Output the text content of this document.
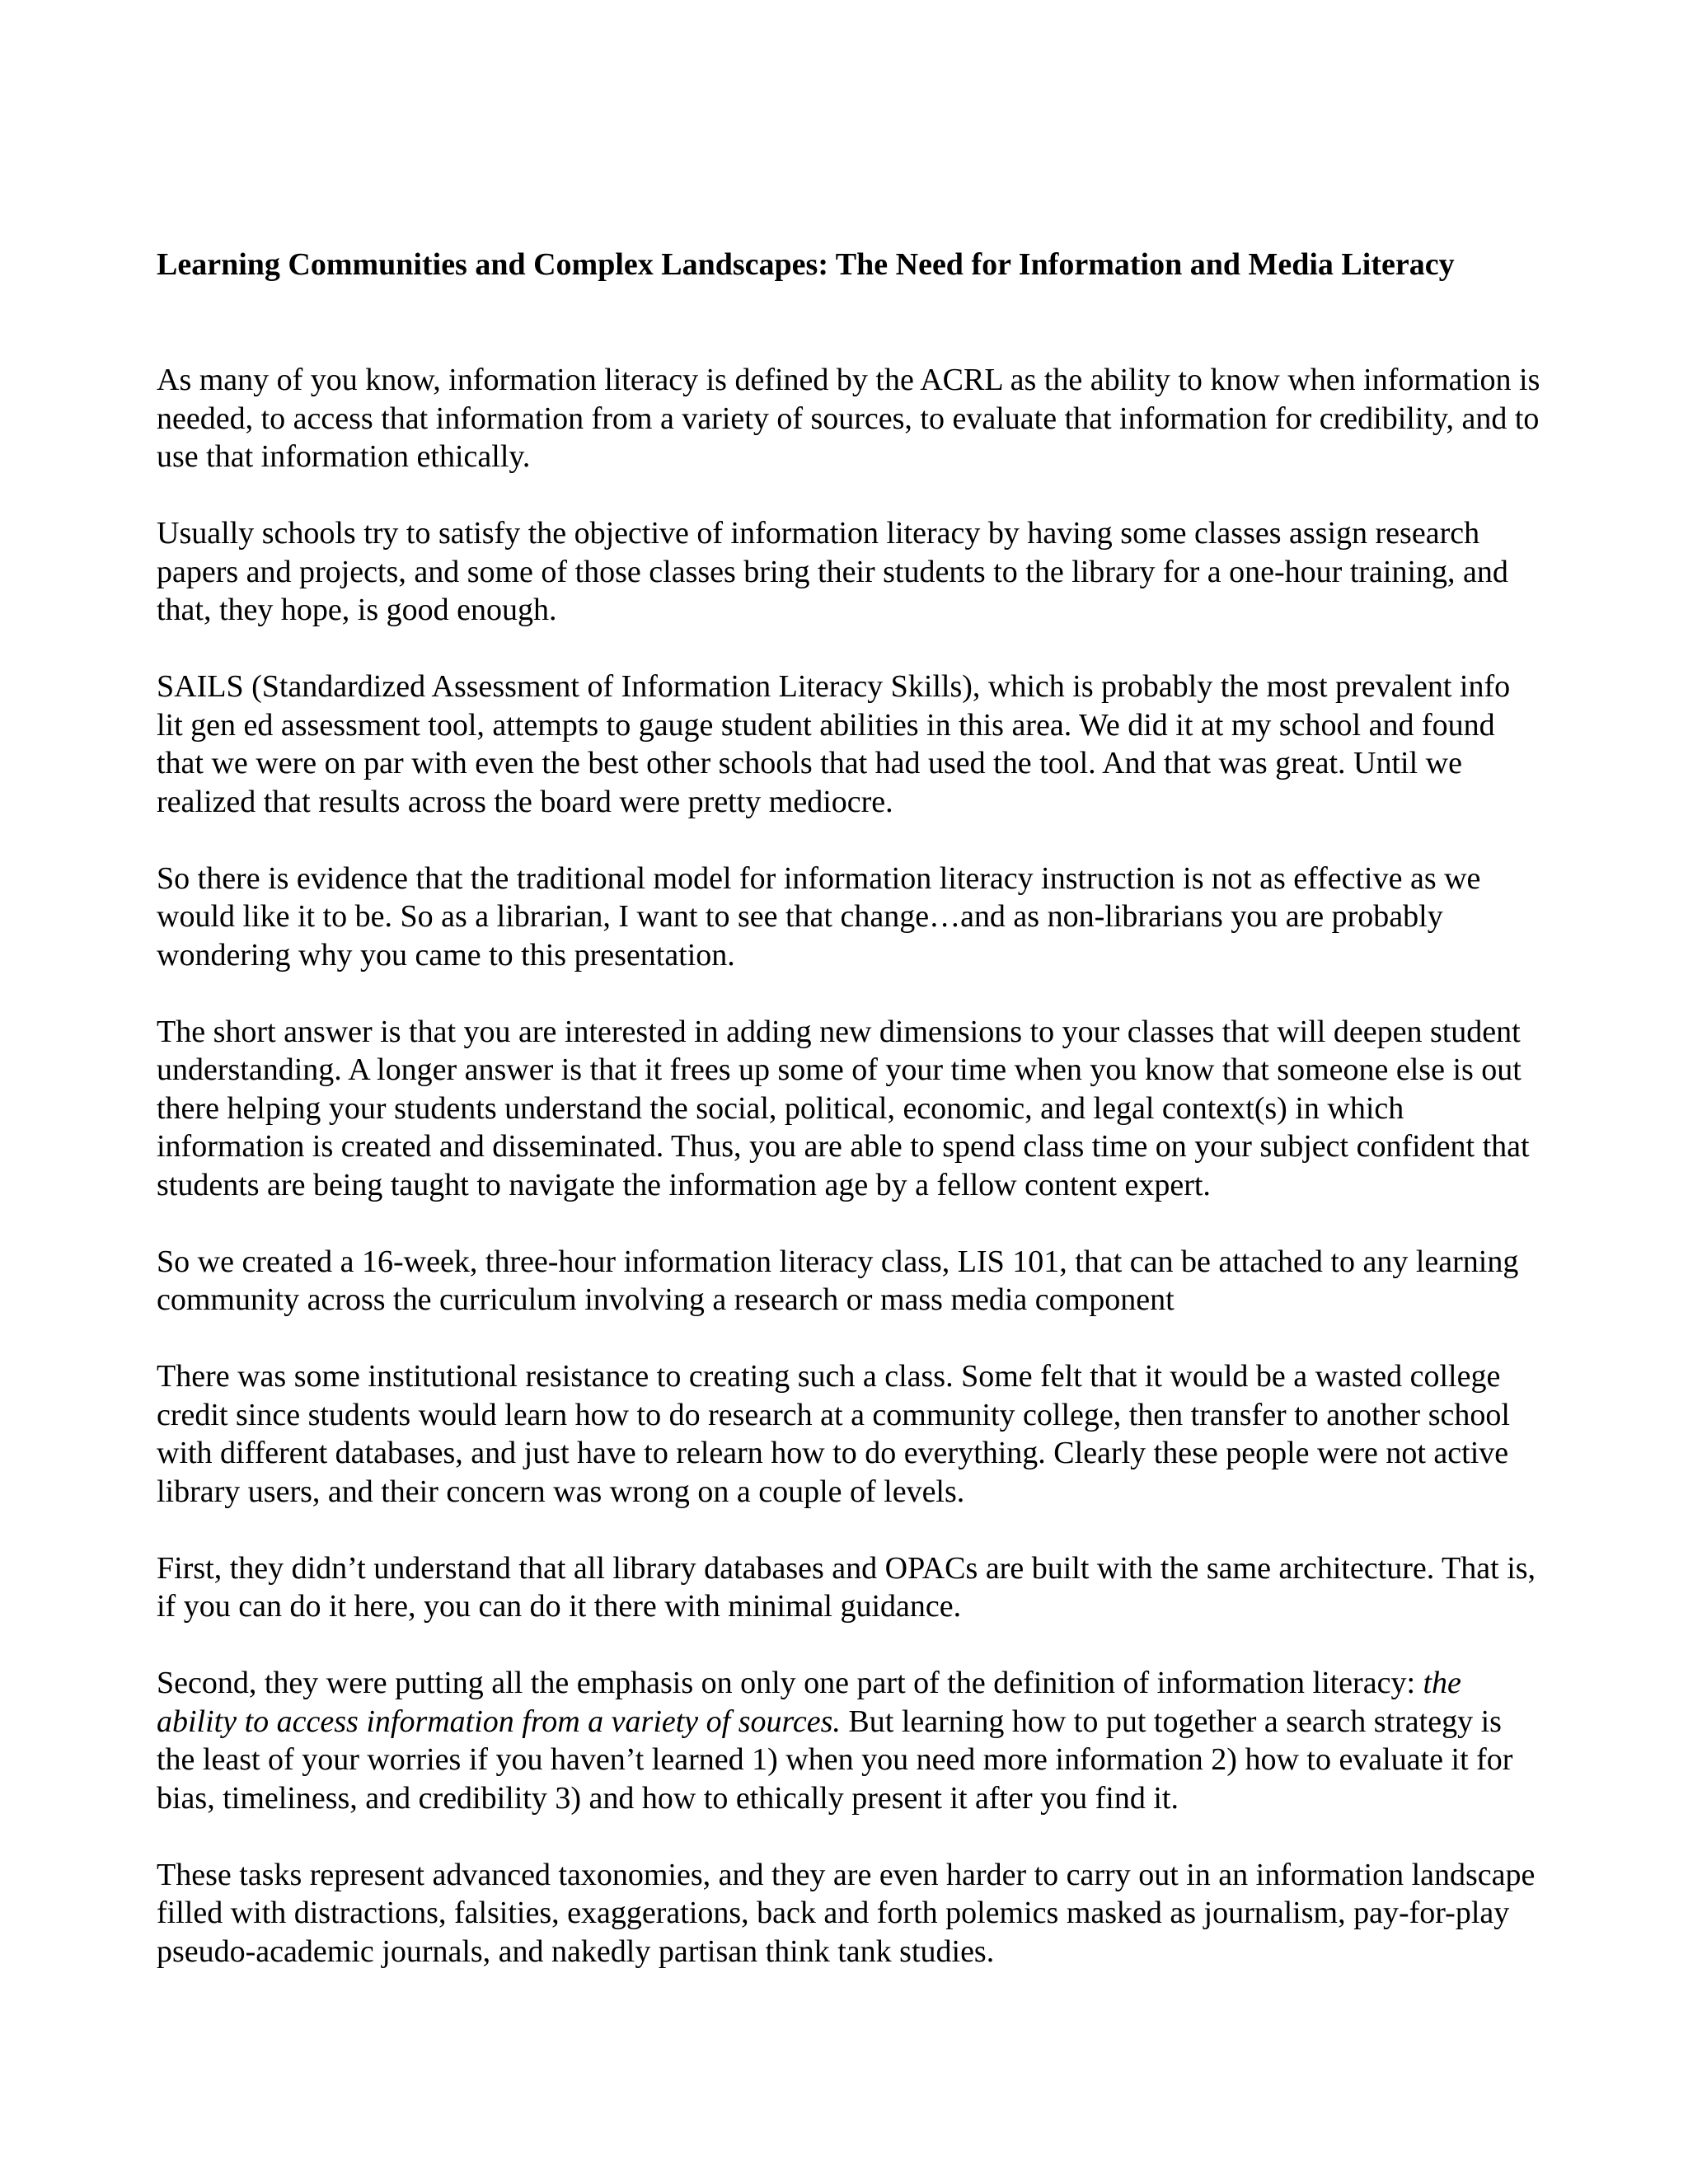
Learning Communities and Complex Landscapes: The Need for Information and Media Literacy
As many of you know, information literacy is defined by the ACRL as the ability to know when information is needed, to access that information from a variety of sources, to evaluate that information for credibility, and to use that information ethically.
Usually schools try to satisfy the objective of information literacy by having some classes assign research papers and projects, and some of those classes bring their students to the library for a one-hour training, and that, they hope, is good enough.
SAILS (Standardized Assessment of Information Literacy Skills), which is probably the most prevalent info lit gen ed assessment tool, attempts to gauge student abilities in this area. We did it at my school and found that we were on par with even the best other schools that had used the tool. And that was great. Until we realized that results across the board were pretty mediocre.
So there is evidence that the traditional model for information literacy instruction is not as effective as we would like it to be. So as a librarian, I want to see that change…and as non-librarians you are probably wondering why you came to this presentation.
The short answer is that you are interested in adding new dimensions to your classes that will deepen student understanding. A longer answer is that it frees up some of your time when you know that someone else is out there helping your students understand the social, political, economic, and legal context(s) in which information is created and disseminated. Thus, you are able to spend class time on your subject confident that students are being taught to navigate the information age by a fellow content expert.
So we created a 16-week, three-hour information literacy class, LIS 101, that can be attached to any learning community across the curriculum involving a research or mass media component
There was some institutional resistance to creating such a class. Some felt that it would be a wasted college credit since students would learn how to do research at a community college, then transfer to another school with different databases, and just have to relearn how to do everything. Clearly these people were not active library users, and their concern was wrong on a couple of levels.
First, they didn’t understand that all library databases and OPACs are built with the same architecture. That is, if you can do it here, you can do it there with minimal guidance.
Second, they were putting all the emphasis on only one part of the definition of information literacy: the ability to access information from a variety of sources. But learning how to put together a search strategy is the least of your worries if you haven’t learned 1) when you need more information 2) how to evaluate it for bias, timeliness, and credibility 3) and how to ethically present it after you find it.
These tasks represent advanced taxonomies, and they are even harder to carry out in an information landscape filled with distractions, falsities, exaggerations, back and forth polemics masked as journalism, pay-for-play pseudo-academic journals, and nakedly partisan think tank studies.
